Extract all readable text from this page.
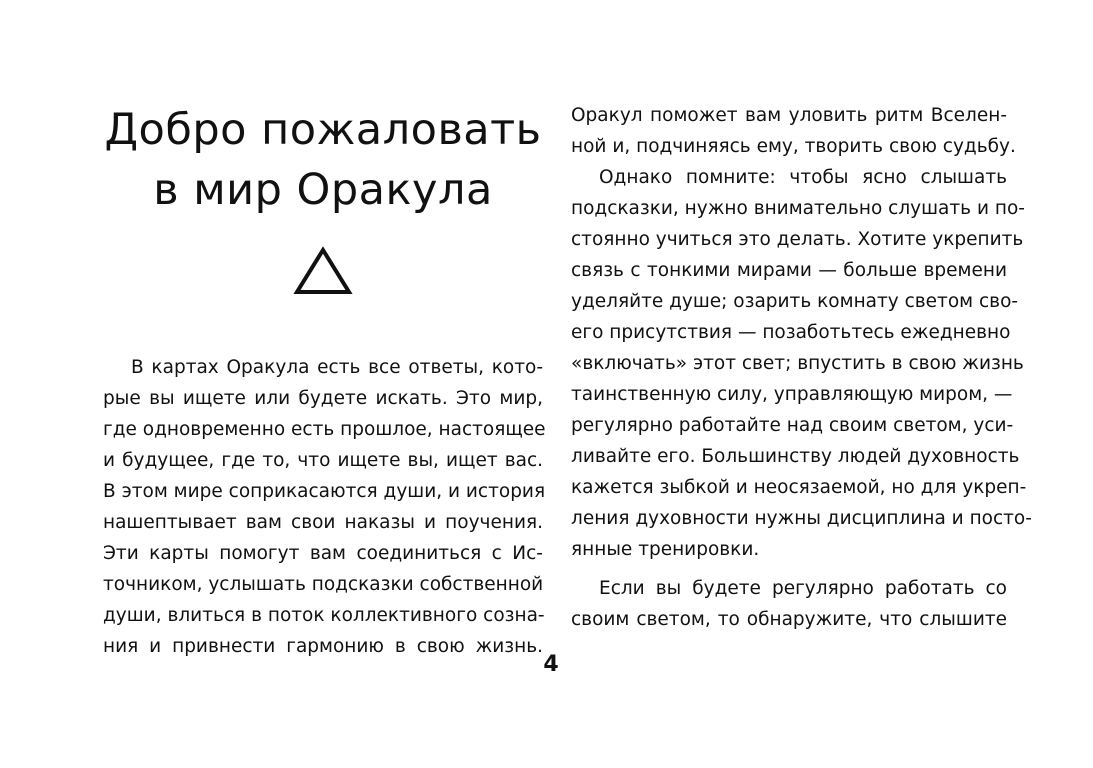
Добро пожаловать
в мир Оракула
В картах Оракула есть все ответы, кото-
рые вы ищете или будете искать. Это мир,
где одновременно есть прошлое, настоящее
и будущее, где то, что ищете вы, ищет вас.
В этом мире соприкасаются души, и история
нашептывает вам свои наказы и поучения.
Эти карты помогут вам соединиться с Ис-
точником, услышать подсказки собственной
души, влиться в поток коллективного созна-
ния и привнести гармонию в свою жизнь.
Оракул поможет вам уловить ритм Вселен-
ной и, подчиняясь ему, творить свою судьбу.
Однако помните: чтобы ясно слышать
подсказки, нужно внимательно слушать и по-
стоянно учиться это делать. Хотите укрепить
связь с тонкими мирами — больше времени
уделяйте душе; озарить комнату светом сво-
его присутствия — позаботьтесь ежедневно
«включать» этот свет; впустить в свою жизнь
таинственную силу, управляющую миром, —
регулярно работайте над своим светом, уси-
ливайте его. Большинству людей духовность
кажется зыбкой и неосязаемой, но для укреп-
ления духовности нужны дисциплина и посто-
янные тренировки.
Если вы будете регулярно работать со
своим светом, то обнаружите, что слышите
4
